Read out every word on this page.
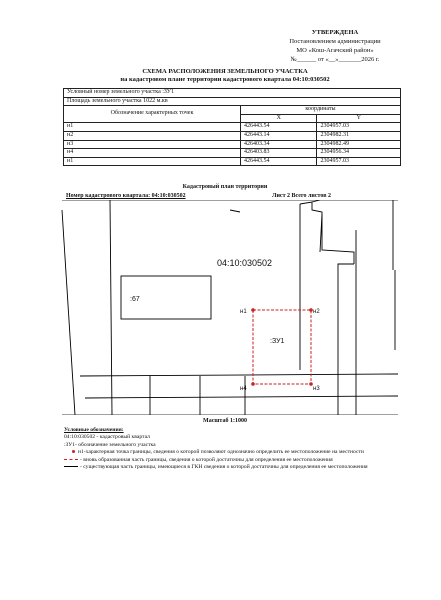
УТВЕРЖДЕНА
Постановлением администрации
МО «Кош-Агачский район»
№______ от «__»_______2026 г.
СХЕМА РАСПОЛОЖЕНИЯ ЗЕМЕЛЬНОГО УЧАСТКА
на кадастровом плане территории кадастрового квартала 04:10:030502
Условный номер земельного участка :ЗУ1		
Площадь земельного участка 1022 м.кв		
Обозначение характерных точек	координаты	
	X	Y
н1	426443.54	2304957.03
н2	426443.14	2304982.31
н3	426403.34	2304982.49
н4	426403.83	2304956.34
н1	426443.54	2304957.03
Кадастровый план территории
Номер кадастрового квартала: 04:10:030502	Лист 2 Всего листов 2
04:10:030502
:67
:ЗУ1
н1	н2
н3
н4
Масштаб 1:1000
Условные обозначения:
04:10:030502 - кадастровый квартал
:ЗУ1- обозначение земельного участка
н1-характерная точка границы, сведения о которой позволяют однозначно определить ее местоположение на местности
- вновь образованная часть границы, сведения о которой достаточны для определения ее местоположения
- существующая часть границы, имеющиеся в ГКН сведения о которой достаточны для определения ее местоположения
